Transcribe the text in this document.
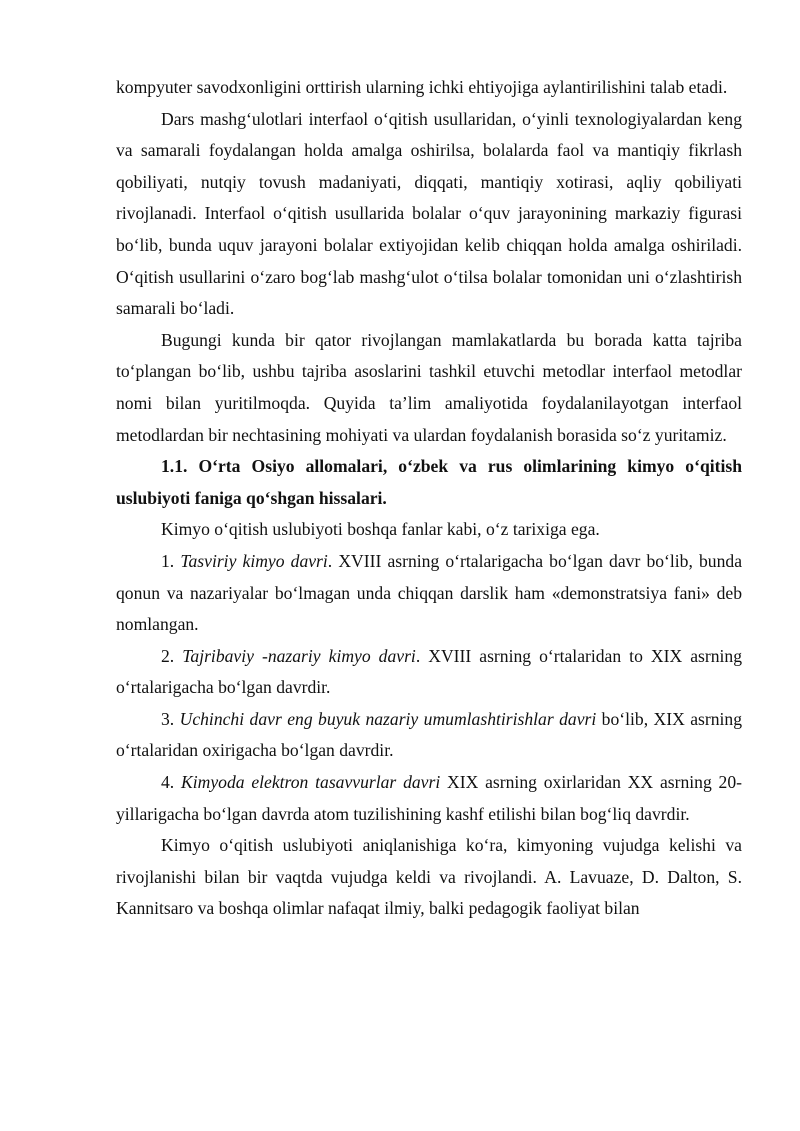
kompyuter savodxonligini orttirish ularning ichki ehtiyojiga aylantirilishini talab etadi.

Dars mashg‘ulotlari interfaol o‘qitish usullaridan, o‘yinli texnologiyalardan keng va samarali foydalangan holda amalga oshirilsa, bolalarda faol va mantiqiy fikrlash qobiliyati, nutqiy tovush madaniyati, diqqati, mantiqiy xotirasi, aqliy qobiliyati rivojlanadi. Interfaol o‘qitish usullarida bolalar o‘quv jarayonining markaziy figurasi bo‘lib, bunda uquv jarayoni bolalar extiyojidan kelib chiqqan holda amalga oshiriladi. O‘qitish usullarini o‘zaro bog‘lab mashg‘ulot o‘tilsa bolalar tomonidan uni o‘zlashtirish samarali bo‘ladi.

Bugungi kunda bir qator rivojlangan mamlakatlarda bu borada katta tajriba to‘plangan bo‘lib, ushbu tajriba asoslarini tashkil etuvchi metodlar interfaol metodlar nomi bilan yuritilmoqda. Quyida ta’lim amaliyotida foydalanilayotgan interfaol metodlardan bir nechtasining mohiyati va ulardan foydalanish borasida so‘z yuritamiz.

1.1. O‘rta Osiyo allomalari, o‘zbek va rus olimlarining kimyo o‘qitish uslubiyoti faniga qo‘shgan hissalari.

Kimyo o‘qitish uslubiyoti boshqa fanlar kabi, o‘z tarixiga ega.

1. Tasviriy kimyo davri. XVIII asrning o‘rtalarigacha bo‘lgan davr bo‘lib, bunda qonun va nazariyalar bo‘lmagan unda chiqqan darslik ham «demonstratsiya fani» deb nomlangan.

2. Tajribaviy -nazariy kimyo davri. XVIII asrning o‘rtalaridan to XIX asrning o‘rtalarigacha bo‘lgan davrdir.

3. Uchinchi davr eng buyuk nazariy umumlashtirishlar davri bo‘lib, XIX asrning o‘rtalaridan oxirigacha bo‘lgan davrdir.

4. Kimyoda elektron tasavvurlar davri XIX asrning oxirlaridan XX asrning 20- yillarigacha bo‘lgan davrda atom tuzilishining kashf etilishi bilan bog‘liq davrdir.

Kimyo o‘qitish uslubiyoti aniqlanishiga ko‘ra, kimyoning vujudga kelishi va rivojlanishi bilan bir vaqtda vujudga keldi va rivojlandi. A. Lavuaze, D. Dalton, S. Kannitsaro va boshqa olimlar nafaqat ilmiy, balki pedagogik faoliyat bilan
